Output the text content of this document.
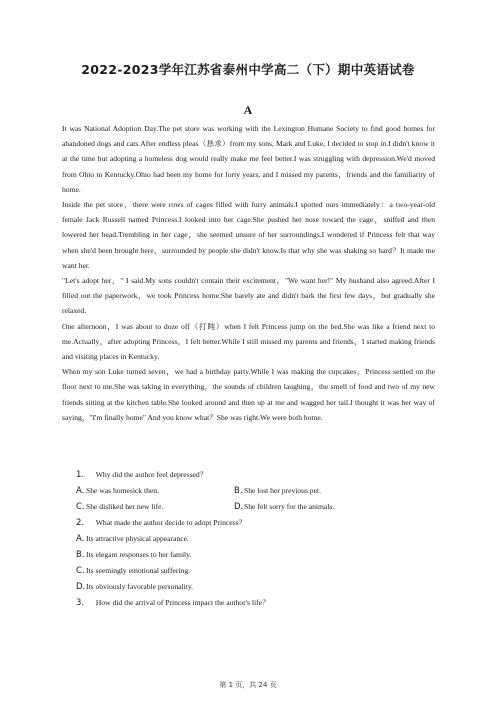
2022-2023学年江苏省泰州中学高二（下）期中英语试卷
A

It was National Adoption Day.The pet store was working with the Lexington Humane Society to find good homes for abandoned dogs and cats.After endless pleas（恳求）from my sons, Mark and Luke, I decided to stop in.I didn't know it at the time but adopting a homeless dog would really make me feel better.I was struggling with depression.We'd moved from Ohio to Kentucky.Ohio had been my home for forty years, and I missed my parents，friends and the familiarity of home.

Inside the pet store，there were rows of cages filled with furry animals.I spotted ours immediately：a two-year-old female Jack Russell named Princess.I looked into her cage.She pushed her nose toward the cage，sniffed and then lowered her head.Trembling in her cage，she seemed unsure of her surroundings.I wondered if Princess felt that way when she'd been brought here，surrounded by people she didn't know.Is that why she was shaking so hard？It made me want her.

"Let's adopt her，" I said.My sons couldn't contain their excitement，"We want her!" My husband also agreed.After I filled out the paperwork，we took Princess home.She barely ate and didn't bark the first few days，but gradually she relaxed.

One afternoon，I was about to doze off（打盹）when I felt Princess jump on the bed.She was like a friend next to me.Actually，after adopting Princess，I felt better.While I still missed my parents and friends，I started making friends and visiting places in Kentucky.

When my son Luke turned seven，we had a birthday party.While I was making the cupcakes，Princess settled on the floor next to me.She was taking in everything，the sounds of children laughing，the smell of food and two of my new friends sitting at the kitchen table.She looked around and then up at me and wagged her tail.I thought it was her way of saying，"I'm finally home" And you know what？She was right.We were both home.

1. Why did the author feel depressed？
A. She was homesick then.	B. She lost her previous pet.
C. She disliked her new life.	D. She felt sorry for the animals.
2. What made the author decide to adopt Princess？
A. Its attractive physical appearance.
B. Its elegant responses to her family.
C. Its seemingly emotional suffering.
D. Its obviously favorable personality.
3. How did the arrival of Princess impact the author's life？
第 1 页，共 24 页
